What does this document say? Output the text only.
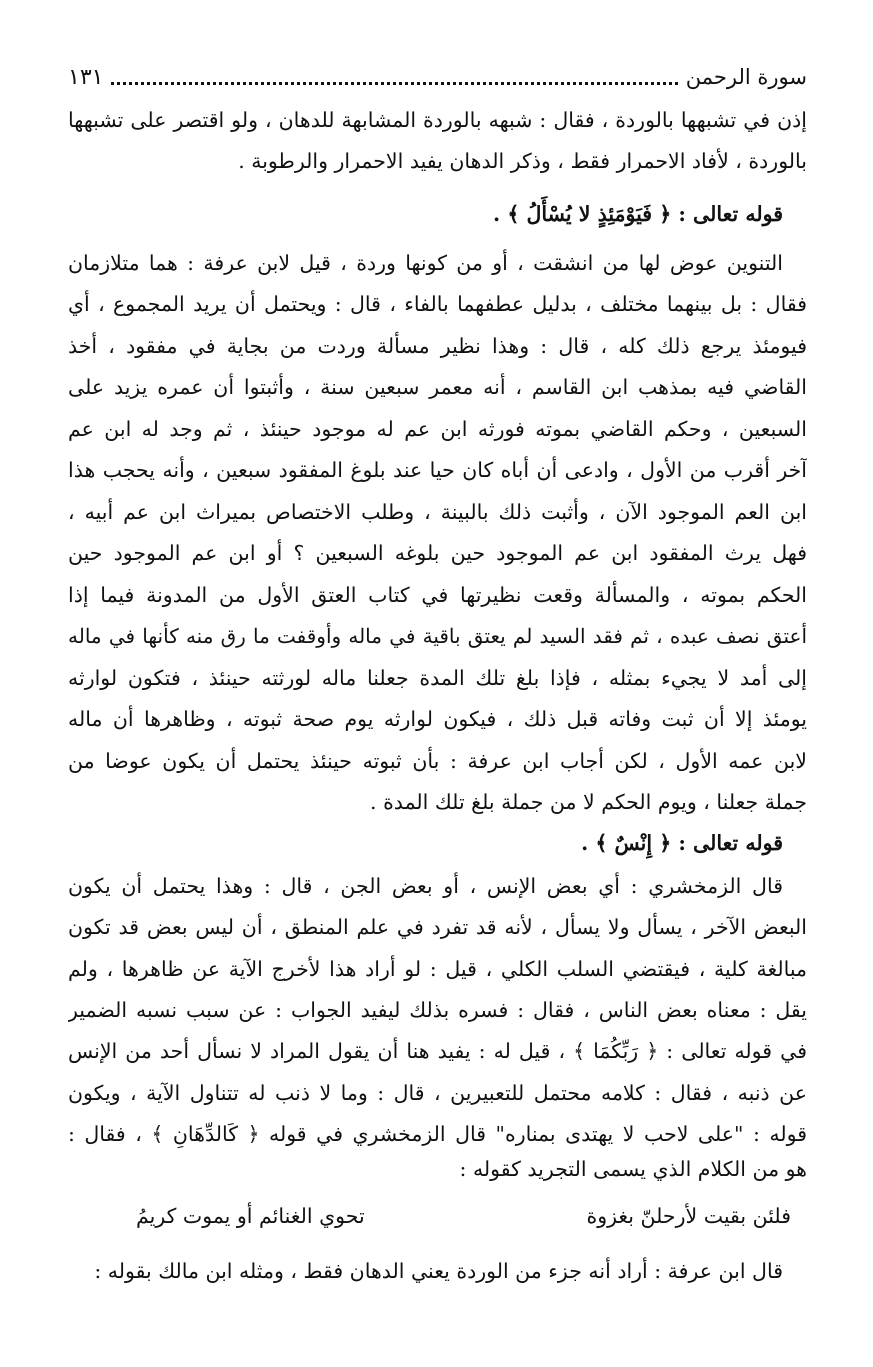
سورة الرحمن
١٣١
إذن في تشبهها بالوردة ، فقال : شبهه بالوردة المشابهة للدهان ، ولو اقتصر على تشبهها
بالوردة ، لأفاد الاحمرار فقط ، وذكر الدهان يفيد الاحمرار والرطوبة .
قوله تعالى : ﴿ فَيَوْمَئِذٍ لا يُسْأَلُ ﴾ .
التنوين عوض لها من انشقت ، أو من كونها وردة ، قيل لابن عرفة : هما متلازمان
فقال : بل بينهما مختلف ، بدليل عطفهما بالفاء ، قال : ويحتمل أن يريد المجموع ، أي
فيومئذ يرجع ذلك كله ، قال : وهذا نظير مسألة وردت من بجاية في مفقود ، أخذ
القاضي فيه بمذهب ابن القاسم ، أنه معمر سبعين سنة ، وأثبتوا أن عمره يزيد على
السبعين ، وحكم القاضي بموته فورثه ابن عم له موجود حينئذ ، ثم وجد له ابن عم
آخر أقرب من الأول ، وادعى أن أباه كان حيا عند بلوغ المفقود سبعين ، وأنه يحجب هذا
ابن العم الموجود الآن ، وأثبت ذلك بالبينة ، وطلب الاختصاص بميراث ابن عم أبيه ،
فهل يرث المفقود ابن عم الموجود حين بلوغه السبعين ؟ أو ابن عم الموجود حين
الحكم بموته ، والمسألة وقعت نظيرتها في كتاب العتق الأول من المدونة فيما إذا
أعتق نصف عبده ، ثم فقد السيد لم يعتق باقية في ماله وأوقفت ما رق منه كأنها في ماله
إلى أمد لا يجيء بمثله ، فإذا بلغ تلك المدة جعلنا ماله لورثته حينئذ ، فتكون لوارثه
يومئذ إلا أن ثبت وفاته قبل ذلك ، فيكون لوارثه يوم صحة ثبوته ، وظاهرها أن ماله
لابن عمه الأول ، لكن أجاب ابن عرفة : بأن ثبوته حينئذ يحتمل أن يكون عوضا من
جملة جعلنا ، ويوم الحكم لا من جملة بلغ تلك المدة .
قوله تعالى : ﴿ إِنْسٌ ﴾ .
قال الزمخشري : أي بعض الإنس ، أو بعض الجن ، قال : وهذا يحتمل أن يكون
البعض الآخر ، يسأل ولا يسأل ، لأنه قد تفرد في علم المنطق ، أن ليس بعض قد تكون
مبالغة كلية ، فيقتضي السلب الكلي ، قيل : لو أراد هذا لأخرج الآية عن ظاهرها ، ولم
يقل : معناه بعض الناس ، فقال : فسره بذلك ليفيد الجواب : عن سبب نسبه الضمير
في قوله تعالى : ﴿ رَبِّكُمَا ﴾ ، قيل له : يفيد هنا أن يقول المراد لا نسأل أحد من الإنس
عن ذنبه ، فقال : كلامه محتمل للتعبيرين ، قال : وما لا ذنب له تتناول الآية ، ويكون
قوله : "على لاحب لا يهتدى بمناره" قال الزمخشري في قوله ﴿ كَالدِّهَانِ ﴾ ، فقال :
هو من الكلام الذي يسمى التجريد كقوله :
فلئن بقيت لأرحلنّ بغزوة
تحوي الغنائم أو يموت كريمُ
قال ابن عرفة : أراد أنه جزء من الوردة يعني الدهان فقط ، ومثله ابن مالك بقوله :
